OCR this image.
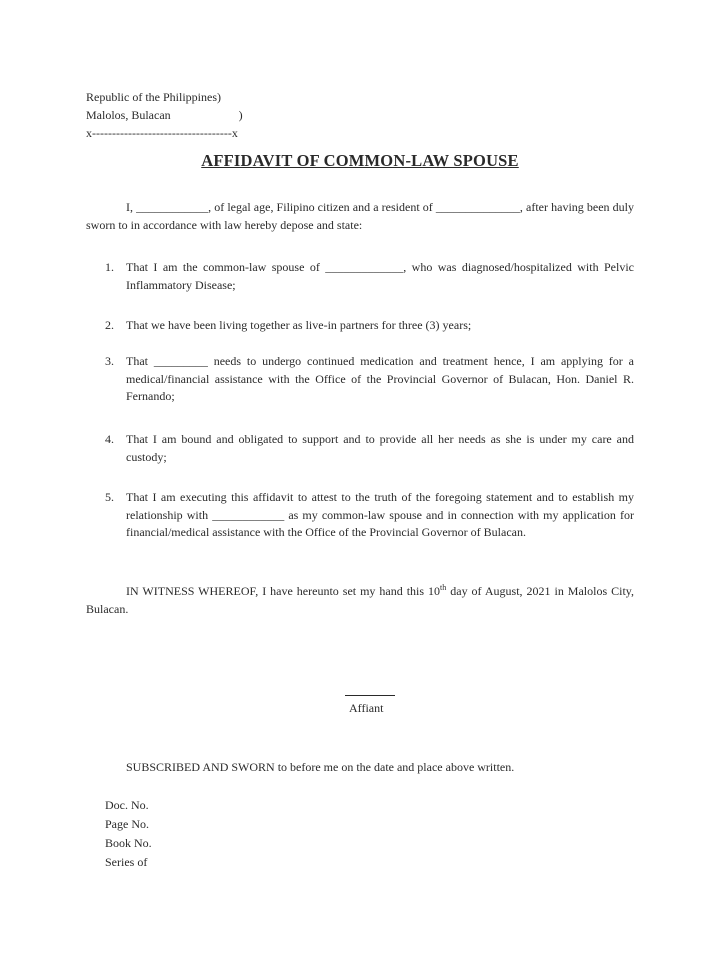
Republic of the Philippines)
Malolos, Bulacan	)
x-----------------------------------x
AFFIDAVIT OF COMMON-LAW SPOUSE
I, ____________, of legal age, Filipino citizen and a resident of ______________, after having been duly sworn to in accordance with law hereby depose and state:
1. That I am the common-law spouse of _____________, who was diagnosed/hospitalized with Pelvic Inflammatory Disease;
2. That we have been living together as live-in partners for three (3) years;
3. That _________ needs to undergo continued medication and treatment hence, I am applying for a medical/financial assistance with the Office of the Provincial Governor of Bulacan, Hon. Daniel R. Fernando;
4. That I am bound and obligated to support and to provide all her needs as she is under my care and custody;
5. That I am executing this affidavit to attest to the truth of the foregoing statement and to establish my relationship with ____________ as my common-law spouse and in connection with my application for financial/medical assistance with the Office of the Provincial Governor of Bulacan.
IN WITNESS WHEREOF, I have hereunto set my hand this 10th day of August, 2021 in Malolos City, Bulacan.
Affiant
SUBSCRIBED AND SWORN to before me on the date and place above written.
Doc. No.
Page No.
Book No.
Series of
